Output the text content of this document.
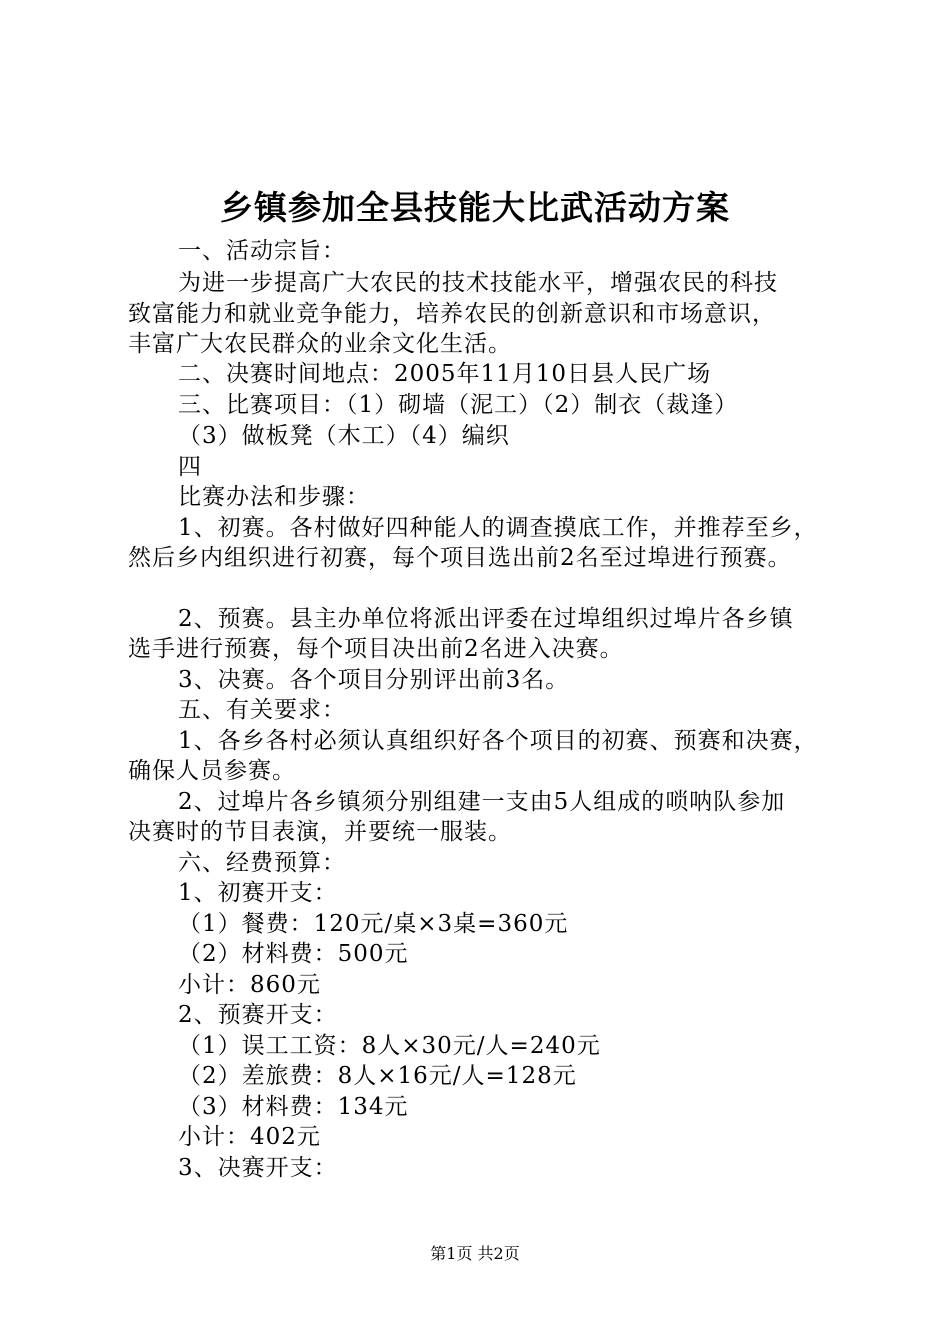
乡镇参加全县技能大比武活动方案
一、活动宗旨：
为进一步提高广大农民的技术技能水平，增强农民的科技
致富能力和就业竞争能力，培养农民的创新意识和市场意识，
丰富广大农民群众的业余文化生活。
二、决赛时间地点：2005年11月10日县人民广场
三、比赛项目：（1）砌墙（泥工）（2）制衣（裁逢）
（3）做板凳（木工）（4）编织
四
比赛办法和步骤：
1、初赛。各村做好四种能人的调查摸底工作，并推荐至乡，
然后乡内组织进行初赛，每个项目选出前2名至过埠进行预赛。
2、预赛。县主办单位将派出评委在过埠组织过埠片各乡镇
选手进行预赛，每个项目决出前2名进入决赛。
3、决赛。各个项目分别评出前3名。
五、有关要求：
1、各乡各村必须认真组织好各个项目的初赛、预赛和决赛，
确保人员参赛。
2、过埠片各乡镇须分别组建一支由5人组成的唢呐队参加
决赛时的节目表演，并要统一服装。
六、经费预算：
1、初赛开支：
（1）餐费：120元/桌×3桌=360元
（2）材料费：500元
小计：860元
2、预赛开支：
（1）误工工资：8人×30元/人=240元
（2）差旅费：8人×16元/人=128元
（3）材料费：134元
小计：402元
3、决赛开支：
第1页 共2页
